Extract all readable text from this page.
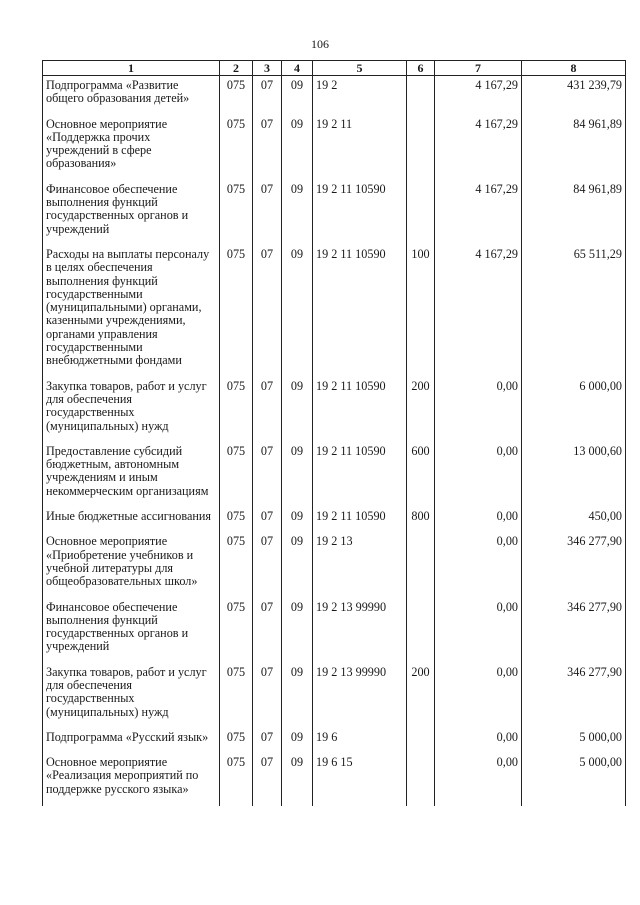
106
1	2	3	4	5	6	7	8
Подпрограмма «Развитие общего образования детей»	075	07	09	19 2		4 167,29	431 239,79
Основное мероприятие «Поддержка прочих учреждений в сфере образования»	075	07	09	19 2 11		4 167,29	84 961,89
Финансовое обеспечение выполнения функций государственных органов и учреждений	075	07	09	19 2 11 10590		4 167,29	84 961,89
Расходы на выплаты персоналу в целях обеспечения выполнения функций государственными (муниципальными) органами, казенными учреждениями, органами управления государственными внебюджетными фондами	075	07	09	19 2 11 10590	100	4 167,29	65 511,29
Закупка товаров, работ и услуг для обеспечения государственных (муниципальных) нужд	075	07	09	19 2 11 10590	200	0,00	6 000,00
Предоставление субсидий бюджетным, автономным учреждениям и иным некоммерческим организациям	075	07	09	19 2 11 10590	600	0,00	13 000,60
Иные бюджетные ассигнования	075	07	09	19 2 11 10590	800	0,00	450,00
Основное мероприятие «Приобретение учебников и учебной литературы для общеобразовательных школ»	075	07	09	19 2 13		0,00	346 277,90
Финансовое обеспечение выполнения функций государственных органов и учреждений	075	07	09	19 2 13 99990		0,00	346 277,90
Закупка товаров, работ и услуг для обеспечения государственных (муниципальных) нужд	075	07	09	19 2 13 99990	200	0,00	346 277,90
Подпрограмма «Русский язык»	075	07	09	19 6		0,00	5 000,00
Основное мероприятие «Реализация мероприятий по поддержке русского языка»	075	07	09	19 6 15		0,00	5 000,00
